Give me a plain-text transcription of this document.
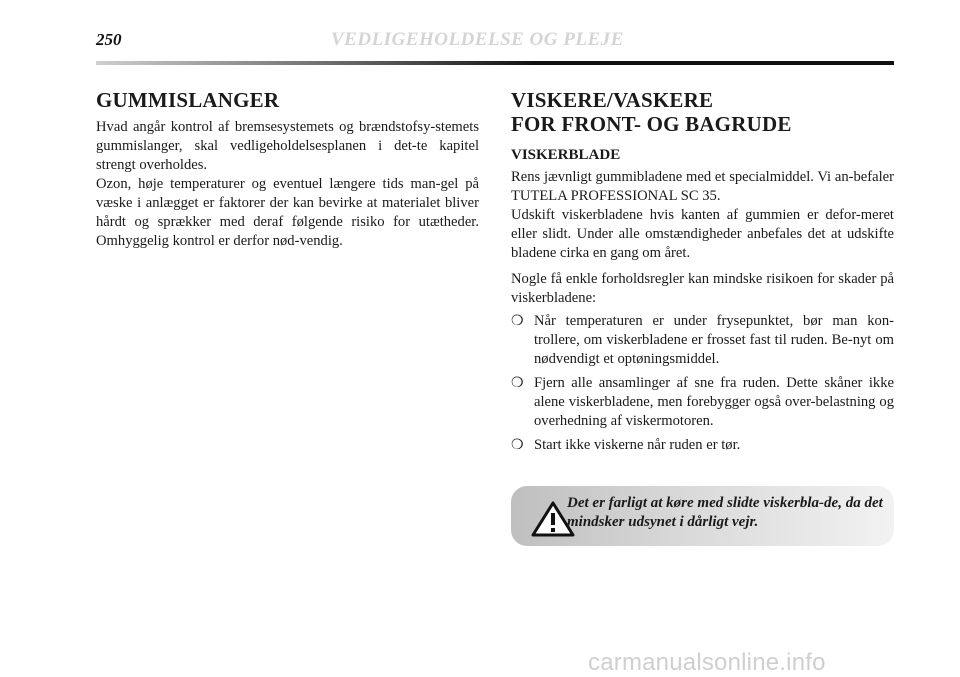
250	VEDLIGEHOLDELSE OG PLEJE
GUMMISLANGER

Hvad angår kontrol af bremsesystemets og brændstofsy-stemets gummislanger, skal vedligeholdelsesplanen i det-te kapitel strengt overholdes.

Ozon, høje temperaturer og eventuel længere tids man-gel på væske i anlægget er faktorer der kan bevirke at materialet bliver hårdt og sprækker med deraf følgende risiko for utætheder. Omhyggelig kontrol er derfor nød-vendig.

VISKERE/VASKERE
FOR FRONT- OG BAGRUDE
VISKERBLADE

Rens jævnligt gummibladene med et specialmiddel. Vi an-befaler TUTELA PROFESSIONAL SC 35.

Udskift viskerbladene hvis kanten af gummien er defor-meret eller slidt. Under alle omstændigheder anbefales det at udskifte bladene cirka en gang om året.

Nogle få enkle forholdsregler kan mindske risikoen for skader på viskerbladene:

❍ Når temperaturen er under frysepunktet, bør man kon-trollere, om viskerbladene er frosset fast til ruden. Be-nyt om nødvendigt et optøningsmiddel.
❍ Fjern alle ansamlinger af sne fra ruden. Dette skåner ikke alene viskerbladene, men forebygger også over-belastning og overhedning af viskermotoren.
❍ Start ikke viskerne når ruden er tør.
Det er farligt at køre med slidte viskerbla-de, da det mindsker udsynet i dårligt vejr.
carmanualsonline.info
